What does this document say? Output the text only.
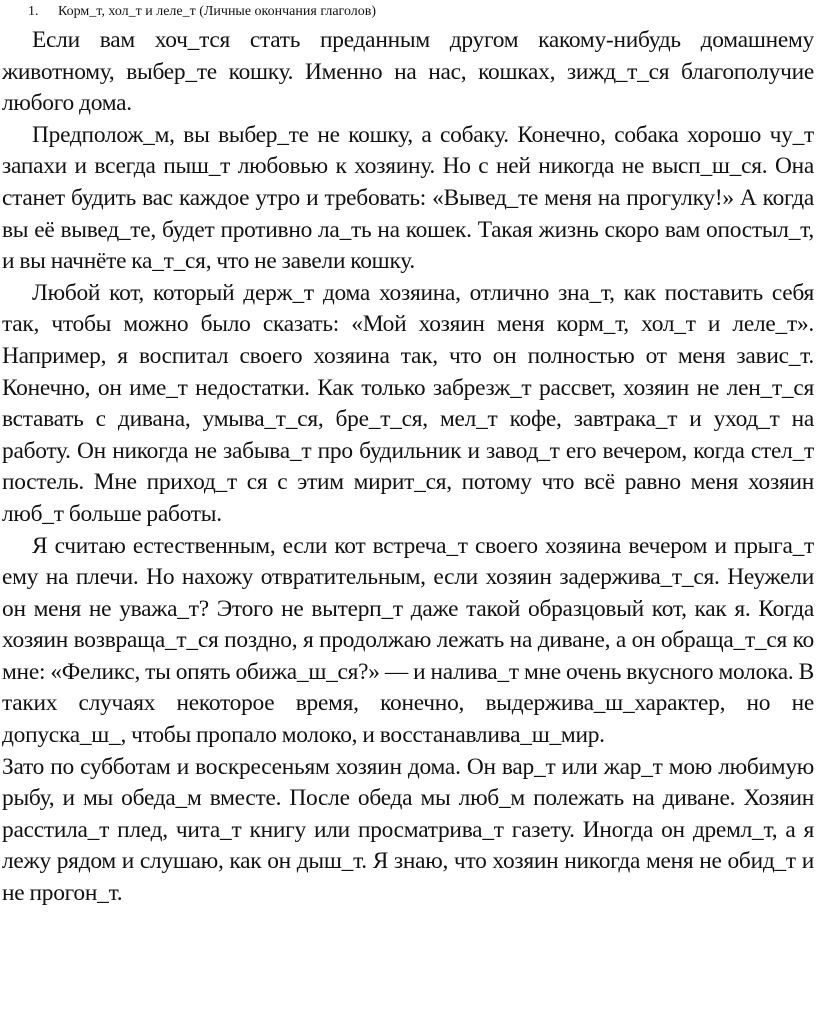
1. Корм_т, хол_т и леле_т (Личные окончания глаголов)

Если вам хоч_тся стать преданным другом какому-нибудь домашнему животному, выбер_те кошку. Именно на нас, кошках, зижд_т_ся благополучие любого дома.

Предполож_м, вы выбер_те не кошку, а собаку. Конечно, собака хорошо чу_т запахи и всегда пыш_т любовью к хозяину. Но с ней никогда не высп_ш_ся. Она станет будить вас каждое утро и требовать: «Вывед_те меня на прогулку!» А когда вы её вывед_те, будет противно ла_ть на кошек. Такая жизнь скоро вам опостыл_т, и вы начнёте ка_т_ся, что не завели кошку.

Любой кот, который держ_т дома хозяина, отлично зна_т, как поставить себя так, чтобы можно было сказать: «Мой хозяин меня корм_т, хол_т и леле_т». Например, я воспитал своего хозяина так, что он полностью от меня завис_т. Конечно, он име_т недостатки. Как только забрезж_т рассвет, хозяин не лен_т_ся вставать с дивана, умыва_т_ся, бре_т_ся, мел_т кофе, завтрака_т и уход_т на работу. Он никогда не забыва_т про будильник и завод_т его вечером, когда стел_т постель. Мне приход_т ся с этим мирит_ся, потому что всё равно меня хозяин люб_т больше работы.

Я считаю естественным, если кот встреча_т своего хозяина вечером и прыга_т ему на плечи. Но нахожу отвратительным, если хозяин задержива_т_ся. Неужели он меня не уважа_т? Этого не вытерп_т даже такой образцовый кот, как я. Когда хозяин возвраща_т_ся поздно, я продолжаю лежать на диване, а он обраща_т_ся ко мне: «Феликс, ты опять обижа_ш_ся?» — и налива_т мне очень вкусного молока. В таких случаях некоторое время, конечно, выдержива_ш_характер, но не допуска_ш_, чтобы пропало молоко, и восстанавлива_ш_мир.

Зато по субботам и воскресеньям хозяин дома. Он вар_т или жар_т мою любимую рыбу, и мы обеда_м вместе. После обеда мы люб_м полежать на диване. Хозяин расстила_т плед, чита_т книгу или просматрива_т газету. Иногда он дремл_т, а я лежу рядом и слушаю, как он дыш_т. Я знаю, что хозяин никогда меня не обид_т и не прогон_т.
